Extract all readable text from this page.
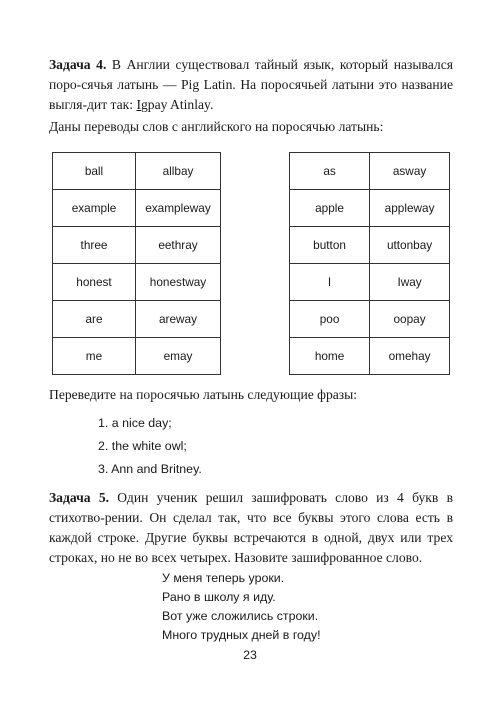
Задача 4. В Англии существовал тайный язык, который назывался поро-сячья латынь — Pig Latin. На поросячьей латыни это название выгля-дит так: Igpay Atinlay.

Даны переводы слов с английского на поросячью латынь:

ball	allbay
example	exampleway
three	eethray
honest	honestway
are	areway
me	emay
as	asway
apple	appleway
button	uttonbay
I	Iway
poo	oopay
home	omehay

Переведите на поросячью латынь следующие фразы:

1. a nice day;
2. the white owl;
3. Ann and Britney.

Задача 5. Один ученик решил зашифровать слово из 4 букв в стихотво-рении. Он сделал так, что все буквы этого слова есть в каждой строке. Другие буквы встречаются в одной, двух или трех строках, но не во всех четырех. Назовите зашифрованное слово.

У меня теперь уроки.
Рано в школу я иду.
Вот уже сложились строки.
Много трудных дней в году!
23
